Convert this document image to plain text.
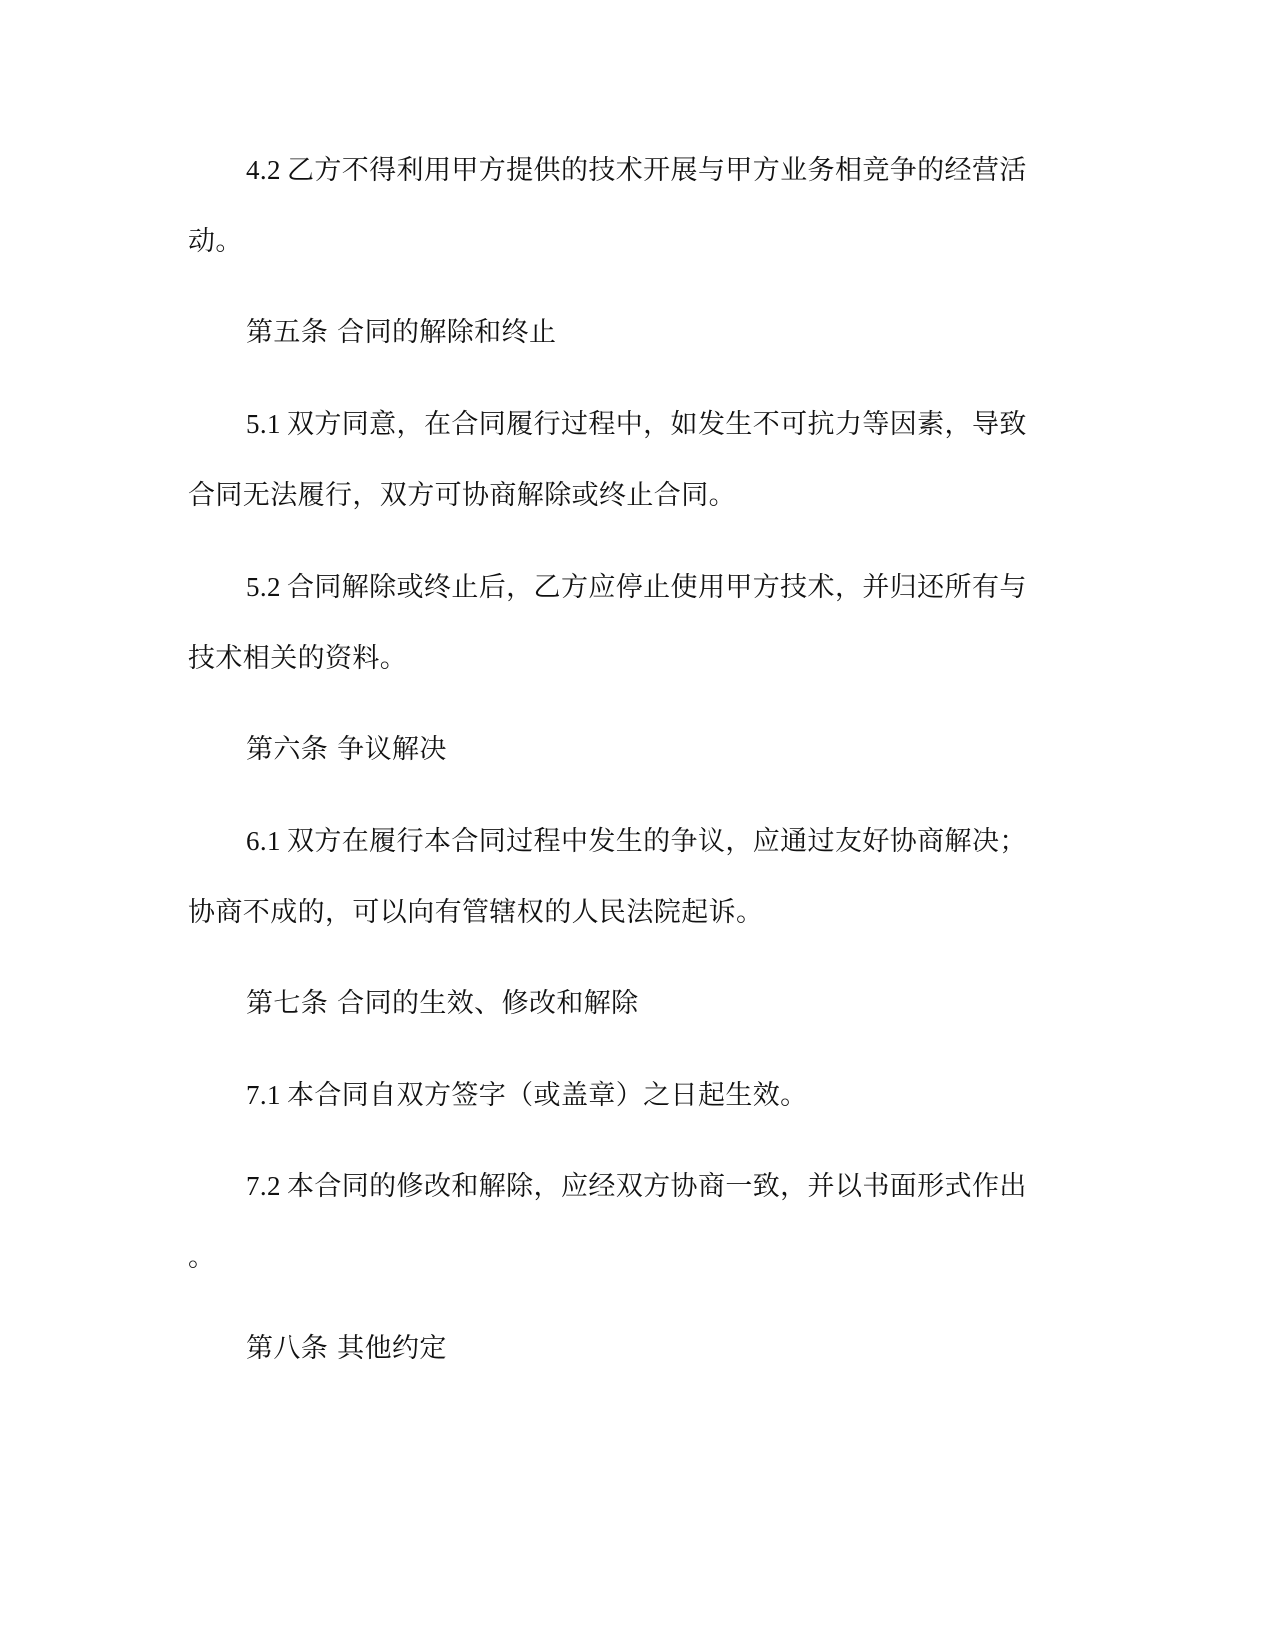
4.2 乙方不得利用甲方提供的技术开展与甲方业务相竞争的经营活
动。
第五条 合同的解除和终止
5.1 双方同意，在合同履行过程中，如发生不可抗力等因素，导致
合同无法履行，双方可协商解除或终止合同。
5.2 合同解除或终止后，乙方应停止使用甲方技术，并归还所有与
技术相关的资料。
第六条 争议解决
6.1 双方在履行本合同过程中发生的争议，应通过友好协商解决；
协商不成的，可以向有管辖权的人民法院起诉。
第七条 合同的生效、修改和解除
7.1 本合同自双方签字（或盖章）之日起生效。
7.2 本合同的修改和解除，应经双方协商一致，并以书面形式作出
。
第八条 其他约定
